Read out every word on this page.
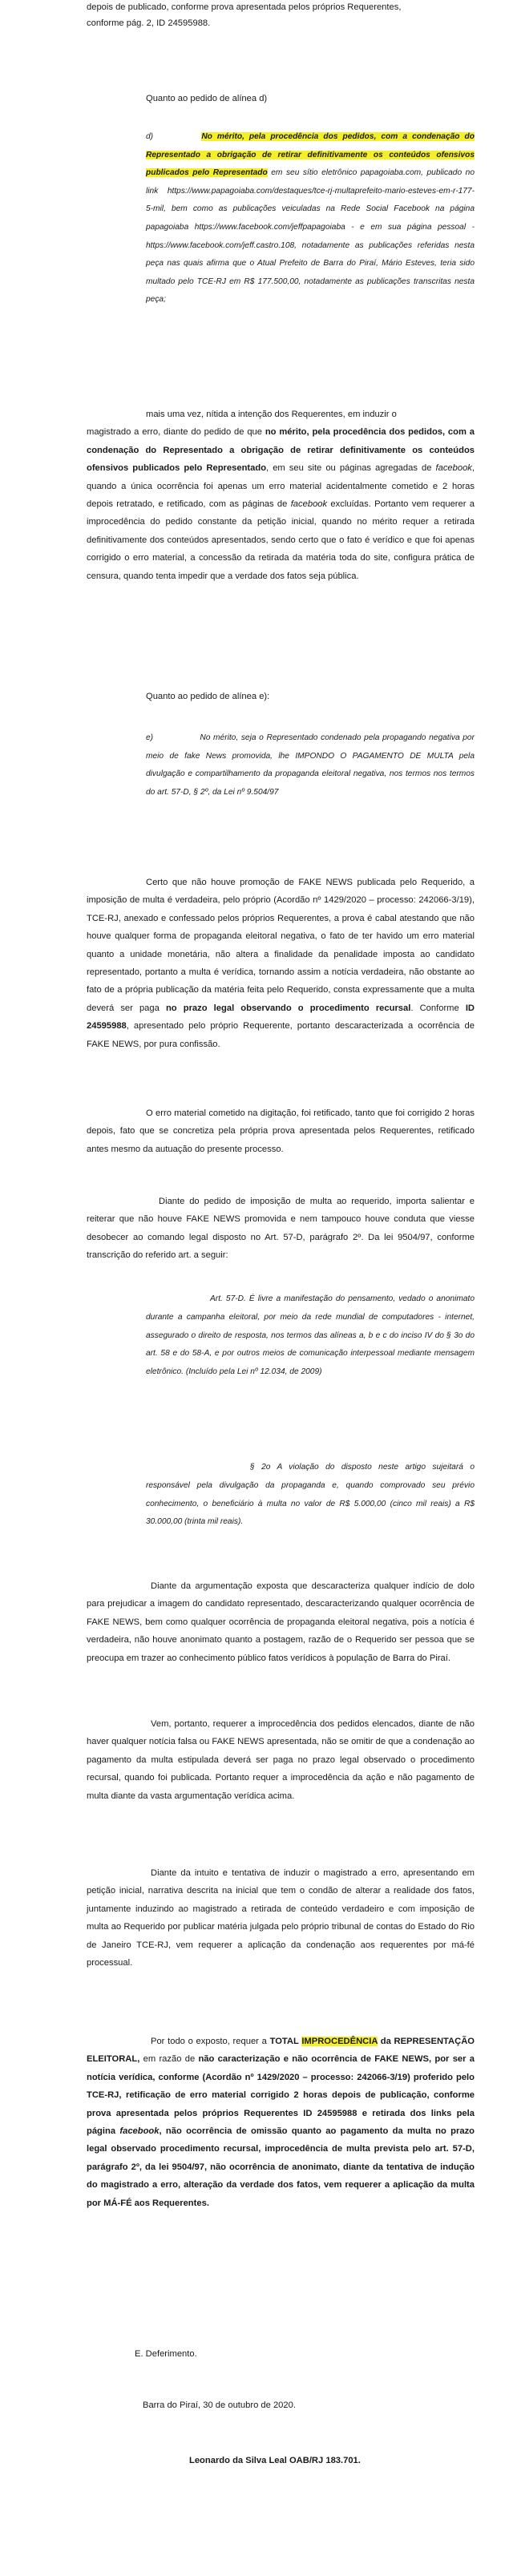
depois de publicado, conforme prova apresentada pelos próprios Requerentes,

conforme pág. 2, ID 24595988.

Quanto ao pedido de alínea d)

d)	No mérito, pela procedência dos pedidos, com a condenação do Representado a obrigação de retirar definitivamente os conteúdos ofensivos publicados pelo Representado em seu sítio eletrônico papagoiaba.com, publicado no link https://www.papagoiaba.com/destaques/tce-rj-multaprefeito-mario-esteves-em-r-177-5-mil, bem como as publicações veiculadas na Rede Social Facebook na página papagoiaba https://www.facebook.com/jeffpapagoiaba - e em sua página pessoal - https://www.facebook.com/jeff.castro.108, notadamente as publicações referidas nesta peça nas quais afirma que o Atual Prefeito de Barra do Piraí, Mário Esteves, teria sido multado pelo TCE-RJ em R$ 177.500,00, notadamente as publicações transcritas nesta peça;

mais uma vez, nítida a intenção dos Requerentes, em induzir o

magistrado a erro, diante do pedido de que no mérito, pela procedência dos pedidos, com a condenação do Representado a obrigação de retirar definitivamente os conteúdos ofensivos publicados pelo Representado, em seu site ou páginas agregadas de facebook, quando a única ocorrência foi apenas um erro material acidentalmente cometido e 2 horas depois retratado, e retificado, com as páginas de facebook excluídas. Portanto vem requerer a improcedência do pedido constante da petição inicial, quando no mérito requer a retirada definitivamente dos conteúdos apresentados, sendo certo que o fato é verídico e que foi apenas corrigido o erro material, a concessão da retirada da matéria toda do site, configura prática de censura, quando tenta impedir que a verdade dos fatos seja pública.

Quanto ao pedido de alínea e):

e)	No mérito, seja o Representado condenado pela propagando negativa por meio de fake News promovida, lhe IMPONDO O PAGAMENTO DE MULTA pela divulgação e compartilhamento da propaganda eleitoral negativa, nos termos nos termos do art. 57-D, § 2º, da Lei nº 9.504/97

Certo que não houve promoção de FAKE NEWS publicada pelo Requerido, a imposição de multa é verdadeira, pelo próprio (Acordão nº 1429/2020 – processo: 242066-3/19), TCE-RJ, anexado e confessado pelos próprios Requerentes, a prova é cabal atestando que não houve qualquer forma de propaganda eleitoral negativa, o fato de ter havido um erro material quanto a unidade monetária, não altera a finalidade da penalidade imposta ao candidato representado, portanto a multa é verídica, tornando assim a notícia verdadeira, não obstante ao fato de a própria publicação da matéria feita pelo Requerido, consta expressamente que a multa deverá ser paga no prazo legal observando o procedimento recursal. Conforme ID 24595988, apresentado pelo próprio Requerente, portanto descaracterizada a ocorrência de FAKE NEWS, por pura confissão.

O erro material cometido na digitação, foi retificado, tanto que foi corrigido 2 horas depois, fato que se concretiza pela própria prova apresentada pelos Requerentes, retificado antes mesmo da autuação do presente processo.

Diante do pedido de imposição de multa ao requerido, importa salientar e reiterar que não houve FAKE NEWS promovida e nem tampouco houve conduta que viesse desobecer ao comando legal disposto no Art. 57-D, parágrafo 2º. Da lei 9504/97, conforme transcrição do referido art. a seguir:

Art. 57-D. É livre a manifestação do pensamento, vedado o anonimato durante a campanha eleitoral, por meio da rede mundial de computadores - internet, assegurado o direito de resposta, nos termos das alíneas a, b e c do inciso IV do § 3o do art. 58 e do 58-A, e por outros meios de comunicação interpessoal mediante mensagem eletrônico. (Incluído pela Lei nº 12.034, de 2009)

§ 2o A violação do disposto neste artigo sujeitará o responsável pela divulgação da propaganda e, quando comprovado seu prévio conhecimento, o beneficiário à multa no valor de R$ 5.000,00 (cinco mil reais) a R$ 30.000,00 (trinta mil reais).

Diante da argumentação exposta que descaracteriza qualquer indício de dolo para prejudicar a imagem do candidato representado, descaracterizando qualquer ocorrência de FAKE NEWS, bem como qualquer ocorrência de propaganda eleitoral negativa, pois a notícia é verdadeira, não houve anonimato quanto a postagem, razão de o Requerido ser pessoa que se preocupa em trazer ao conhecimento público fatos verídicos à população de Barra do Piraí.

Vem, portanto, requerer a improcedência dos pedidos elencados, diante de não haver qualquer notícia falsa ou FAKE NEWS apresentada, não se omitir de que a condenação ao pagamento da multa estipulada deverá ser paga no prazo legal observado o procedimento recursal, quando foi publicada. Portanto requer a improcedência da ação e não pagamento de multa diante da vasta argumentação verídica acima.

Diante da intuito e tentativa de induzir o magistrado a erro, apresentando em petição inicial, narrativa descrita na inicial que tem o condão de alterar a realidade dos fatos, juntamente induzindo ao magistrado a retirada de conteúdo verdadeiro e com imposição de multa ao Requerido por publicar matéria julgada pelo próprio tribunal de contas do Estado do Rio de Janeiro TCE-RJ, vem requerer a aplicação da condenação aos requerentes por má-fé processual.

Por todo o exposto, requer a TOTAL IMPROCEDÊNCIA da REPRESENTAÇÃO ELEITORAL, em razão de não caracterização e não ocorrência de FAKE NEWS, por ser a notícia verídica, conforme (Acordão nº 1429/2020 – processo: 242066-3/19) proferido pelo TCE-RJ, retificação de erro material corrigido 2 horas depois de publicação, conforme prova apresentada pelos próprios Requerentes ID 24595988 e retirada dos links pela página facebook, não ocorrência de omissão quanto ao pagamento da multa no prazo legal observado procedimento recursal, improcedência de multa prevista pelo art. 57-D, parágrafo 2º, da lei 9504/97, não ocorrência de anonimato, diante da tentativa de indução do magistrado a erro, alteração da verdade dos fatos, vem requerer a aplicação da multa por MÁ-FÉ aos Requerentes.

E. Deferimento.
Barra do Piraí, 30 de outubro de 2020.
Leonardo da Silva Leal OAB/RJ 183.701.
